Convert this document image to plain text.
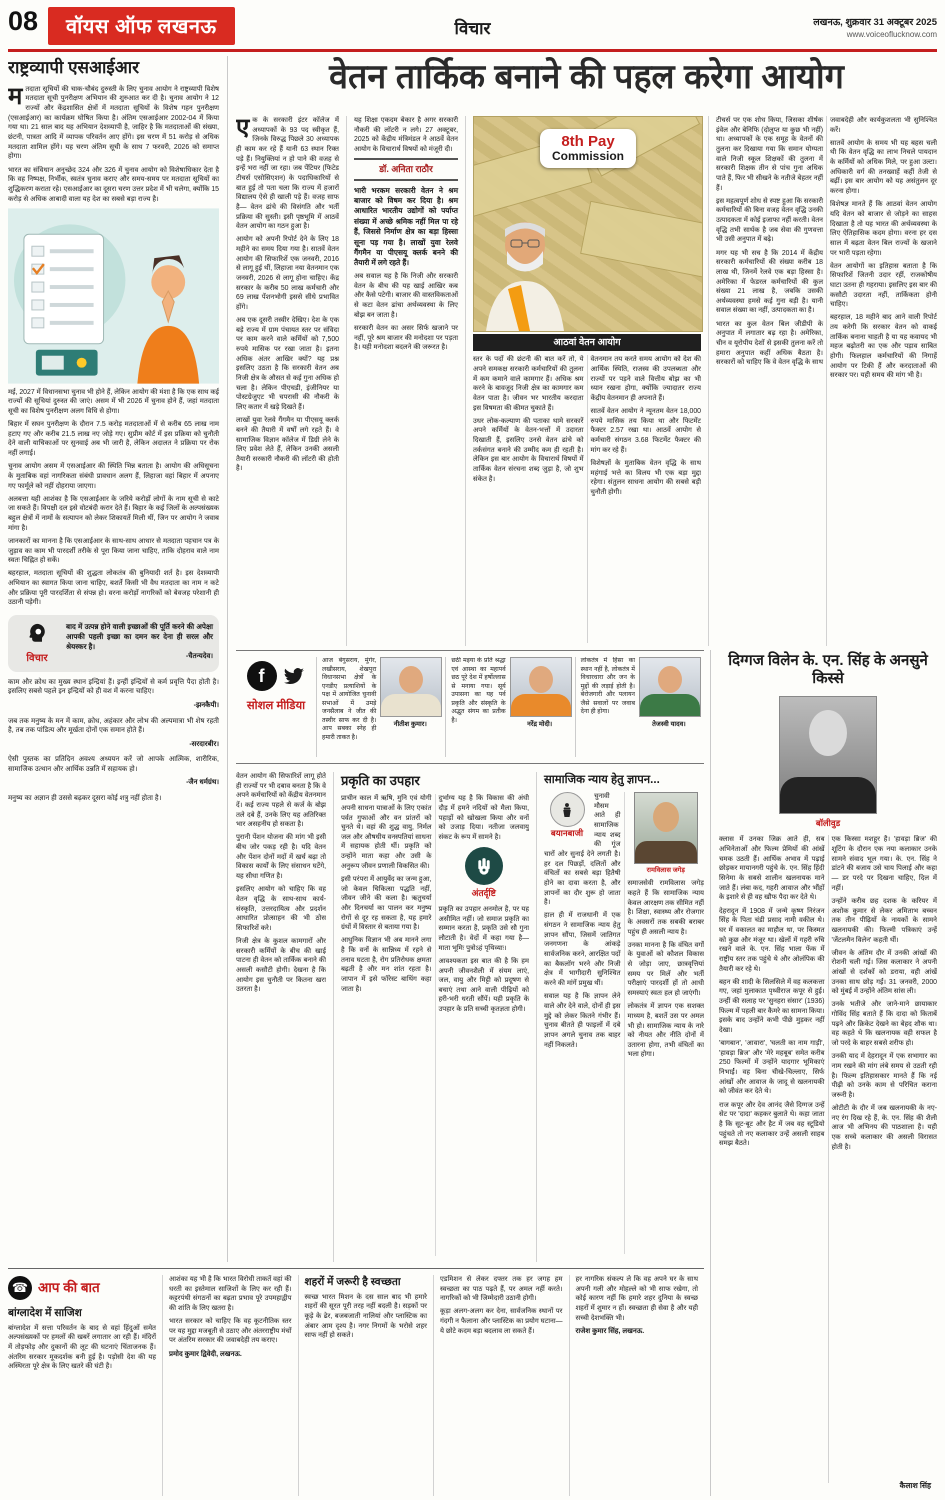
08	वॉयस ऑफ लखनऊ	विचार	लखनऊ, शुक्रवार 31 अक्टूबर 2025
www.voiceoflucknow.com
राष्ट्रव्यापी एसआईआर

मतदाता सूचियों की चाक-चौबंद दुरुस्ती के लिए चुनाव आयोग ने राष्ट्रव्यापी विशेष मतदाता सूची पुनरीक्षण अभियान की शुरुआत कर दी है। चुनाव आयोग ने 12 राज्यों और केंद्रशासित क्षेत्रों में मतदाता सूचियों के विशेष गहन पुनरीक्षण (एसआईआर) का कार्यक्रम घोषित किया है। अंतिम एसआईआर 2002-04 में किया गया था। 21 साल बाद यह अभियान देशव्यापी है, जाहिर है कि मतदाताओं की संख्या, छंटनी, पात्रता आदि में व्यापक परिवर्तन आए होंगे। इस चरण में 51 करोड़ से अधिक मतदाता शामिल होंगे। यह चरण अंतिम सूची के साथ 7 फरवरी, 2026 को समाप्त होगा।

भारत का संविधान अनुच्छेद 324 और 326 में चुनाव आयोग को विशेषाधिकार देता है कि वह निष्पक्ष, निर्भीक, स्वतंत्र चुनाव कराए और समय-समय पर मतदाता सूचियों का शुद्धिकरण कराता रहे। एसआईआर का दूसरा चरण उत्तर प्रदेश में भी चलेगा, क्योंकि 15 करोड़ से अधिक आबादी वाला यह देश का सबसे बड़ा राज्य है।

मई, 2027 में विधानसभा चुनाव भी होने हैं, लेकिन आयोग की मंशा है कि एक साथ कई राज्यों की सूचियां दुरुस्त की जाएं। असम में भी 2026 में चुनाव होने हैं, जहां मतदाता सूची का विशेष पुनरीक्षण अलग विधि से होगा।

बिहार में सघन पुनरीक्षण के दौरान 7.5 करोड़ मतदाताओं में से करीब 65 लाख नाम हटाए गए और करीब 21.5 लाख नए जोड़े गए। सुप्रीम कोर्ट में इस प्रक्रिया को चुनौती देने वाली याचिकाओं पर सुनवाई अब भी जारी है, लेकिन अदालत ने प्रक्रिया पर रोक नहीं लगाई।

चुनाव आयोग असम में एसआईआर की स्थिति भिन्न बताता है। आयोग की अधिसूचना के मुताबिक वहां नागरिकता संबंधी प्रावधान अलग हैं, लिहाजा वहां बिहार में अपनाए गए फार्मूले को नहीं दोहराया जाएगा।

अलबत्ता यही आशंका है कि एसआईआर के जरिये करोड़ों लोगों के नाम सूची से काटे जा सकते हैं। विपक्षी दल इसे वोटबंदी करार देते हैं। बिहार के कई जिलों के अल्पसंख्यक बहुल क्षेत्रों में नामों के सत्यापन को लेकर शिकायतें मिली थीं, जिन पर आयोग ने जवाब मांगा है।

जानकारों का मानना है कि एसआईआर के साथ-साथ आधार से मतदाता पहचान पत्र के जुड़ाव का काम भी पारदर्शी तरीके से पूरा किया जाना चाहिए, ताकि दोहराव वाले नाम स्वतः चिह्नित हो सकें।

बहरहाल, मतदाता सूचियों की शुद्धता लोकतंत्र की बुनियादी शर्त है। इस देशव्यापी अभियान का स्वागत किया जाना चाहिए, बशर्ते किसी भी वैध मतदाता का नाम न कटे और प्रक्रिया पूरी पारदर्शिता से संपन्न हो। वरना करोड़ों नागरिकों को बेवजह परेशानी ही उठानी पड़ेगी।

विचार
बाद में उत्पन्न होने वाली इच्छाओं की पूर्ति करने की अपेक्षा आपकी पहली इच्छा का दमन कर देना ही सरल और श्रेयस्कर है।

-चैतन्यदेव।

काम और क्रोध का मुख्य स्थान इन्द्रियां हैं। इन्हीं इन्द्रियों से कर्म प्रवृत्ति पैदा होती है। इसलि‍ए सबसे पहले इन इन्द्रियों को ही वश में करना चाहिए।

-झनकैपी।

जब तक मनुष्य के मन में काम, क्रोध, अहंकार और लोभ की अल्पमात्रा भी शेष रहती है, तब तक पांडित्य और मूर्खता दोनों एक समान होते हैं।

-सरदारबीर।

ऐसी पुस्तक का प्रतिदिन अवश्य अध्ययन करें जो आपके आत्मिक, शारीरिक, सामाजिक उत्थान और आर्थिक उन्नति में सहायक हो।

-जैन धर्मग्रंथ।

मनुष्य का अज्ञान ही उससे बढ़कर दूसरा कोई शत्रु नहीं होता है।

वेतन तार्किक बनाने की पहल करेगा आयोग

एक के सरकारी इंटर कॉलेज में अध्यापकों के 93 पद स्वीकृत हैं, जिनके विरुद्ध पिछले 30 अध्यापक ही काम कर रहे हैं यानी 63 स्थान रिक्त पड़े हैं। नियुक्तियां न हो पाने की वजह से इन्हें भरा नहीं जा रहा। जब पेंटियर (फिटेड टीचर्स एसोसिएशन) के पदाधिकारियों से बात हुई तो पता चला कि राज्य में हजारों विद्यालय ऐसे ही खाली पड़े हैं। वजह साफ है— वेतन ढांचे की विसंगति और भर्ती प्रक्रिया की सुस्ती। इसी पृष्ठभूमि में आठवें वेतन आयोग का गठन हुआ है।

आयोग को अपनी रिपोर्ट देने के लिए 18 महीने का समय दिया गया है। सातवें वेतन आयोग की सिफारिशें एक जनवरी, 2016 से लागू हुई थीं, लिहाजा नया वेतनमान एक जनवरी, 2026 से लागू होना चाहिए। केंद्र सरकार के करीब 50 लाख कर्मचारी और 69 लाख पेंशनभोगी इससे सीधे प्रभावित होंगे।

अब एक दूसरी तस्वीर देखिए। देश के एक बड़े राज्य में ग्राम पंचायत स्तर पर संविदा पर काम करने वाले कर्मियों को 7,500 रुपये मासिक पर रखा जाता है। इतना अधिक अंतर आखिर क्यों? यह प्रश्न इसलिए उठता है कि सरकारी वेतन अब निजी क्षेत्र के औसत से कई गुना अधिक हो चला है। लेकिन पीएचडी, इंजीनियर या पोस्टग्रेजुएट भी चपरासी की नौकरी के लिए कतार में खड़े दिखते हैं।

लाखों युवा रेलवे गैंगमैन या पीएसयू क्लर्क बनने की तैयारी में वर्षों लगे रहते हैं। वे सामाजिक विज्ञान कॉलेज में डिग्री लेने के लिए प्रवेश लेते हैं, लेकिन उनकी असली तैयारी सरकारी नौकरी की लॉटरी की होती है।

यह शिक्षा एकदम बेकार है अगर सरकारी नौकरी की लॉटरी न लगे। 27 अक्टूबर, 2025 को केंद्रीय मंत्रिमंडल ने आठवें वेतन आयोग के विचारार्थ विषयों को मंजूरी दी।

डॉ. अनिता राठौर

भारी भरकम सरकारी वेतन ने श्रम बाजार को विषम कर दिया है। श्रम आधारित भारतीय उद्योगों को पर्याप्त संख्या में अच्छे श्रमिक नहीं मिल पा रहे हैं, जिससे निर्माण क्षेत्र का बड़ा हिस्सा सूना पड़ गया है। लाखों युवा रेलवे गैंगमैन या पीएसयू क्लर्क बनने की तैयारी में लगे रहते हैं।

अब सवाल यह है कि निजी और सरकारी वेतन के बीच की यह खाई आखिर कब और कैसे पटेगी। बाजार की वास्तविकताओं से कटा वेतन ढांचा अर्थव्यवस्था के लिए बोझ बन जाता है।

सरकारी वेतन का असर सिर्फ खजाने पर नहीं, पूरे श्रम बाजार की मनोदशा पर पड़ता है। यही मनोदशा बदलने की जरूरत है।

8th Pay
Commission
आठवां वेतन आयोग

स्तर के पदों की छंटनी की बात करें तो, ये अपने समकक्ष सरकारी कर्मचारियों की तुलना में कम कमाने वाले कामगार हैं। अधिक श्रम करने के बावजूद निजी क्षेत्र का कामगार कम वेतन पाता है। जीवन भर भारतीय करदाता इस विषमता की कीमत चुकाते हैं।

उधर लोक-कल्याण की पताका थामे सरकारें अपने कर्मियों के वेतन-भत्तों में उदारता दिखाती हैं, इसलिए उनसे वेतन ढांचे को तर्कसंगत बनाने की उम्मीद कम ही रहती है। लेकिन इस बार आयोग के विचारार्थ विषयों में तार्किक वेतन संरचना शब्द जुड़ा है, जो शुभ संकेत है।

वेतनमान तय करते समय आयोग को देश की आर्थिक स्थिति, राजस्व की उपलब्धता और राज्यों पर पड़ने वाले वित्तीय बोझ का भी ध्यान रखना होगा, क्योंकि ज्यादातर राज्य केंद्रीय वेतनमान ही अपनाते हैं।

सातवें वेतन आयोग ने न्यूनतम वेतन 18,000 रुपये मासिक तय किया था और फिटमेंट फैक्टर 2.57 रखा था। आठवें आयोग से कर्मचारी संगठन 3.68 फिटमेंट फैक्टर की मांग कर रहे हैं।

विशेषज्ञों के मुताबिक वेतन वृद्धि के साथ महंगाई भत्ते का विलय भी एक बड़ा मुद्दा रहेगा। संतुलन साधना आयोग की सबसे बड़ी चुनौती होगी।

टीचर्स पर एक शोध किया, जिसका शीर्षक इंवेल और बेनिफि (दोलुप्त या कुछ भी नहीं) था। अध्यापकों के एक समूह के वेतनों की तुलना कर दिखाया गया कि समान योग्यता वाले निजी स्कूल शिक्षकों की तुलना में सरकारी शिक्षक तीन से पांच गुना अधिक पाते हैं, फिर भी सीखने के नतीजे बेहतर नहीं हैं।

इस महत्वपूर्ण शोध से स्पष्ट हुआ कि सरकारी कर्मचारियों की बिना वजह वेतन वृद्धि उनकी उत्पादकता में कोई इजाफा नहीं करती। वेतन वृद्धि तभी सार्थक है जब सेवा की गुणवत्ता भी उसी अनुपात में बढ़े।

मगर यह भी सच है कि 2014 में केंद्रीय सरकारी कर्मचारियों की संख्या करीब 18 लाख थी, जिनमें रेलवे एक बड़ा हिस्सा है। अमेरिका में फेडरल कर्मचारियों की कुल संख्या 21 लाख है, जबकि उसकी अर्थव्यवस्था हमसे कई गुना बड़ी है। यानी सवाल संख्या का नहीं, उत्पादकता का है।

भारत का कुल वेतन बिल जीडीपी के अनुपात में लगातार बढ़ रहा है। अमेरिका, चीन व यूरोपीय देशों से इसकी तुलना करें तो हमारा अनुपात कहीं अधिक बैठता है। सरकारों को चाहिए कि वे वेतन वृद्धि के साथ जवाबदेही और कार्यकुशलता भी सुनिश्चित करें।

सातवें आयोग के समय भी यह बहस चली थी कि वेतन वृद्धि का लाभ निचले पायदान के कर्मियों को अधिक मिले, पर हुआ उल्टा। अधिकारी वर्ग की तनख्वाहें कहीं तेजी से बढ़ीं। इस बार आयोग को यह असंतुलन दूर करना होगा।

विशेषज्ञ मानते हैं कि आठवां वेतन आयोग यदि वेतन को बाजार से जोड़ने का साहस दिखाता है तो यह भारत की अर्थव्यवस्था के लिए ऐतिहासिक कदम होगा। वरना हर दस साल में बढ़ता वेतन बिल राज्यों के खजाने पर भारी पड़ता रहेगा।

वेतन आयोगों का इतिहास बताता है कि सिफारिशें जितनी उदार रहीं, राजकोषीय घाटा उतना ही गहराया। इसलिए इस बार की कसौटी उदारता नहीं, तार्किकता होनी चाहिए।

बहरहाल, 18 महीने बाद आने वाली रिपोर्ट तय करेगी कि सरकार वेतन को वाकई तार्किक बनाना चाहती है या यह कवायद भी महज बढ़ोतरी का एक और पड़ाव साबित होगी। फिलहाल कर्मचारियों की निगाहें आयोग पर टिकी हैं और करदाताओं की सरकार पर। यही समय की मांग भी है।

f
सोशल मीडिया

आज बेगुसराय, मुंगेर, लखीसराय, शेखपुरा विधानसभा क्षेत्रों के एनडीए प्रत्याशियों के पक्ष में आयोजित चुनावी सभाओं में उमड़े जनसैलाब ने जीत की तस्वीर साफ कर दी है। आप सबका स्नेह ही हमारी ताकत है।

नीतीश कुमार।

छठी मइया के प्रति श्रद्धा एवं आस्था का महापर्व छठ पूरे देश में हर्षोल्लास से मनाया गया। सूर्य उपासना का यह पर्व प्रकृति और संस्कृति के अद्भुत संगम का प्रतीक है।

नरेंद्र मोदी।

लोकतंत्र में हिंसा का स्थान नहीं है, लोकतंत्र में विचारधारा और जन के मुद्दों की लड़ाई होती है। बेरोजगारी और पलायन जैसे सवालों पर जवाब देना ही होगा।

तेजस्वी यादव।

दिग्गज विलेन के. एन. सिंह के अनसुने किस्से
बॉलीवुड

क्लास में उनका जिक्र आते ही, सब अभिनेताओं और फिल्म प्रेमियों की आंखें चमक उठती हैं। आर्थिक अभाव में पढ़ाई छोड़कर मायानगरी पहुंचे के. एन. सिंह हिंदी सिनेमा के सबसे शालीन खलनायक माने जाते हैं। लंबा कद, गहरी आवाज और भौंहों के इशारे से ही वह खौफ पैदा कर देते थे।

देहरादून में 1908 में जन्मे कृष्ण निरंजन सिंह के पिता चंडी प्रसाद नामी वकील थे। घर में वकालत का माहौल था, पर किस्मत को कुछ और मंजूर था। खेलों में गहरी रुचि रखने वाले के. एन. सिंह भाला फेंक में राष्ट्रीय स्तर तक पहुंचे थे और ओलंपिक की तैयारी कर रहे थे।

बहन की शादी के सिलसिले में वह कलकत्ता गए, जहां मुलाकात पृथ्वीराज कपूर से हुई। उन्हीं की सलाह पर 'सुनहरा संसार' (1936) फिल्म में पहली बार कैमरे का सामना किया। इसके बाद उन्होंने कभी पीछे मुड़कर नहीं देखा।

'बागबान', 'आवारा', 'चलती का नाम गाड़ी', 'हावड़ा ब्रिज' और 'मेरे महबूब' समेत करीब 250 फिल्मों में उन्होंने यादगार भूमिकाएं निभाईं। वह बिना चीखे-चिल्लाए, सिर्फ आंखों और आवाज के जादू से खलनायकी को जीवंत कर देते थे।

राज कपूर और देव आनंद जैसे दिग्गज उन्हें सेट पर 'दादा' कहकर बुलाते थे। कहा जाता है कि सूट-बूट और हैट में जब वह स्टूडियो पहुंचते तो नए कलाकार उन्हें असली साहब समझ बैठते।

एक किस्सा मशहूर है। 'हावड़ा ब्रिज' की शूटिंग के दौरान एक नया कलाकार उनके सामने संवाद भूल गया। के. एन. सिंह ने डांटने की बजाय उसे चाय पिलाई और कहा— डर परदे पर दिखना चाहिए, दिल में नहीं।

उन्होंने करीब छह दशक के करियर में अशोक कुमार से लेकर अमिताभ बच्चन तक तीन पीढ़ियों के नायकों के सामने खलनायकी की। फिल्मी पत्रिकाएं उन्हें 'जेंटलमैन विलेन' कहती थीं।

जीवन के अंतिम दौर में उनकी आंखों की रोशनी चली गई। जिस कलाकार ने अपनी आंखों से दर्शकों को डराया, वही आंखें उनका साथ छोड़ गईं। 31 जनवरी, 2000 को मुंबई में उन्होंने अंतिम सांस ली।

उनके भतीजे और जाने-माने छायाकार गोविंद सिंह बताते हैं कि दादा को किताबें पढ़ने और क्रिकेट देखने का बेहद शौक था। वह कहते थे कि खलनायक वही सफल है जो परदे के बाहर सबसे शरीफ हो।

उनकी याद में देहरादून में एक सभागार का नाम रखने की मांग लंबे समय से उठती रही है। फिल्म इतिहासकार मानते हैं कि नई पीढ़ी को उनके काम से परिचित कराना जरूरी है।

ओटीटी के दौर में जब खलनायकी के नए-नए रंग दिख रहे हैं, के. एन. सिंह की शैली आज भी अभिनय की पाठशाला है। यही एक सच्चे कलाकार की असली विरासत होती है।

कैलाश सिंह

वेतन आयोग की सिफारिशें लागू होते ही राज्यों पर भी दबाव बनता है कि वे अपने कर्मचारियों को केंद्रीय वेतनमान दें। कई राज्य पहले से कर्ज के बोझ तले दबे हैं, उनके लिए यह अतिरिक्त भार असहनीय हो सकता है।

पुरानी पेंशन योजना की मांग भी इसी बीच जोर पकड़ रही है। यदि वेतन और पेंशन दोनों मदों में खर्च बढ़ा तो विकास कार्यों के लिए संसाधन घटेंगे, यह सीधा गणित है।

इसलिए आयोग को चाहिए कि वह वेतन वृद्धि के साथ-साथ कार्य-संस्कृति, उत्तरदायित्व और प्रदर्शन आधारित प्रोत्साहन की भी ठोस सिफारिशें करे।

निजी क्षेत्र के कुशल कामगारों और सरकारी कर्मियों के बीच की खाई पाटना ही वेतन को तार्किक बनाने की असली कसौटी होगी। देखना है कि आयोग इस चुनौती पर कितना खरा उतरता है।

प्रकृति का उपहार

प्राचीन काल में ऋषि, मुनि एवं योगी अपनी साधना यात्राओं के लिए एकांत पर्वत गुफाओं और वन प्रांतरों को चुनते थे। वहां की शुद्ध वायु, निर्मल जल और औषधीय वनस्पतियां साधना में सहायक होती थीं। प्रकृति को उन्होंने माता कहा और उसी के अनुरूप जीवन प्रणाली विकसित की।

इसी परंपरा में आयुर्वेद का जन्म हुआ, जो केवल चिकित्सा पद्धति नहीं, जीवन जीने की कला है। ऋतुचर्या और दिनचर्या का पालन कर मनुष्य रोगों से दूर रह सकता है, यह हमारे ग्रंथों में विस्तार से बताया गया है।

आधुनिक विज्ञान भी अब मानने लगा है कि वनों के सान्निध्य में रहने से तनाव घटता है, रोग प्रतिरोधक क्षमता बढ़ती है और मन शांत रहता है। जापान में इसे फॉरेस्ट बाथिंग कहा जाता है।

दुर्भाग्य यह है कि विकास की अंधी दौड़ में हमने नदियों को मैला किया, पहाड़ों को खोखला किया और वनों को उजाड़ दिया। नतीजा जलवायु संकट के रूप में सामने है।

अंतर्दृष्टि

प्रकृति का उपहार अनमोल है, पर यह असीमित नहीं। जो समाज प्रकृति का सम्मान करता है, प्रकृति उसे सौ गुना लौटाती है। वेदों में कहा गया है— माता भूमिः पुत्रोऽहं पृथिव्याः।

आवश्यकता इस बात की है कि हम अपनी जीवनशैली में संयम लाएं, जल, वायु और मिट्टी को प्रदूषण से बचाएं तथा आने वाली पीढ़ियों को हरी-भरी धरती सौंपें। यही प्रकृति के उपहार के प्रति सच्ची कृतज्ञता होगी।

सामाजिक न्याय हेतु ज्ञापन...
बयानबाजी

चुनावी मौसम आते ही सामाजिक न्याय शब्द की गूंज चारों ओर सुनाई देने लगती है। हर दल पिछड़ों, दलितों और वंचितों का सबसे बड़ा हितैषी होने का दावा करता है, और ज्ञापनों का दौर शुरू हो जाता है।

हाल ही में राजधानी में एक संगठन ने सामाजिक न्याय हेतु ज्ञापन सौंपा, जिसमें जातिगत जनगणना के आंकड़े सार्वजनिक करने, आरक्षित पदों का बैकलॉग भरने और निजी क्षेत्र में भागीदारी सुनिश्चित करने की मांगें प्रमुख थीं।

सवाल यह है कि ज्ञापन लेने वाले और देने वाले, दोनों ही इस मुद्दे को लेकर कितने गंभीर हैं। चुनाव बीतते ही फाइलों में दबे ज्ञापन अगले चुनाव तक बाहर नहीं निकलते।

रामविलास जगेड़

समाजसेवी रामविलास जगेड़ कहते हैं कि सामाजिक न्याय केवल आरक्षण तक सीमित नहीं है। शिक्षा, स्वास्थ्य और रोजगार के अवसरों तक सबकी बराबर पहुंच ही असली न्याय है।

उनका मानना है कि वंचित वर्गों के युवाओं को कौशल विकास से जोड़ा जाए, छात्रवृत्तियां समय पर मिलें और भर्ती परीक्षाएं पारदर्शी हों तो आधी समस्याएं स्वतः हल हो जाएंगी।

लोकतंत्र में ज्ञापन एक सशक्त माध्यम है, बशर्ते उस पर अमल भी हो। सामाजिक न्याय के नारे को नीयत और नीति दोनों में उतारना होगा, तभी वंचितों का भला होगा।

☎ आप की बात
बांग्लादेश में साजिश

बांग्लादेश में सत्ता परिवर्तन के बाद से वहां हिंदुओं समेत अल्पसंख्यकों पर हमलों की खबरें लगातार आ रही हैं। मंदिरों में तोड़फोड़ और दुकानों की लूट की घटनाएं चिंताजनक हैं। अंतरिम सरकार मूकदर्शक बनी हुई है। पड़ोसी देश की यह अस्थिरता पूरे क्षेत्र के लिए खतरे की घंटी है।

आशंका यह भी है कि भारत विरोधी ताकतें वहां की धरती का इस्तेमाल साजिशों के लिए कर रही हैं। कट्टरपंथी संगठनों का बढ़ता प्रभाव पूरे उपमहाद्वीप की शांति के लिए खतरा है।

भारत सरकार को चाहिए कि वह कूटनीतिक स्तर पर यह मुद्दा मजबूती से उठाए और अंतरराष्ट्रीय मंचों पर अंतरिम सरकार की जवाबदेही तय कराए।

प्रमोद कुमार द्विवेदी, लखनऊ.

शहरों में जरूरी है स्वच्छता

स्वच्छ भारत मिशन के दस साल बाद भी हमारे शहरों की सूरत पूरी तरह नहीं बदली है। सड़कों पर कूड़े के ढेर, बजबजाती नालियां और प्लास्टिक का अंबार आम दृश्य है। नगर निगमों के भरोसे शहर साफ नहीं हो सकते।

एडमिशन से लेकर दफ्तर तक हर जगह हम स्वच्छता का पाठ पढ़ते हैं, पर अमल नहीं करते। नागरिकों को भी जिम्मेदारी उठानी होगी।

कूड़ा अलग-अलग कर देना, सार्वजनिक स्थानों पर गंदगी न फैलाना और प्लास्टिक का प्रयोग घटाना— ये छोटे कदम बड़ा बदलाव ला सकते हैं।

हर नागरिक संकल्प ले कि वह अपने घर के साथ अपनी गली और मोहल्ले को भी साफ रखेगा, तो कोई कारण नहीं कि हमारे शहर दुनिया के स्वच्छ शहरों में शुमार न हों। स्वच्छता ही सेवा है और यही सच्ची देशभक्ति भी।

राजेश कुमार सिंह, लखनऊ.
